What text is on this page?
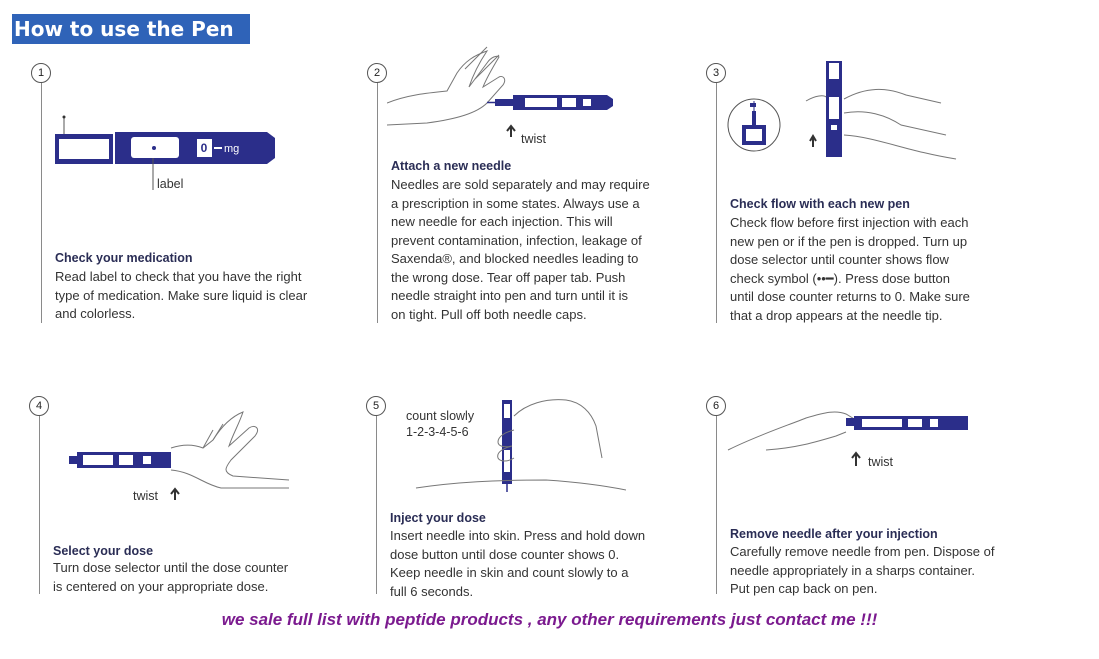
How to use the Pen ?
1
0 mg
label
Check your medication
Read label to check that you have the right
type of medication. Make sure liquid is clear
and colorless.
2
twist
Attach a new needle
Needles are sold separately and may require
a prescription in some states. Always use a
new needle for each injection. This will
prevent contamination, infection, leakage of
Saxenda®, and blocked needles leading to
the wrong dose. Tear off paper tab. Push
needle straight into pen and turn until it is
on tight. Pull off both needle caps.
3
Check flow with each new pen
Check flow before first injection with each
new pen or if the pen is dropped. Turn up
dose selector until counter shows flow
check symbol (••━). Press dose button
until dose counter returns to 0. Make sure
that a drop appears at the needle tip.
4
twist
Select your dose
Turn dose selector until the dose counter
is centered on your appropriate dose.
5
count slowly
1-2-3-4-5-6
Inject your dose
Insert needle into skin. Press and hold down
dose button until dose counter shows 0.
Keep needle in skin and count slowly to a
full 6 seconds.
6
twist
Remove needle after your injection
Carefully remove needle from pen. Dispose of
needle appropriately in a sharps container.
Put pen cap back on pen.
we sale full list with peptide products , any other requirements just contact me !!!
